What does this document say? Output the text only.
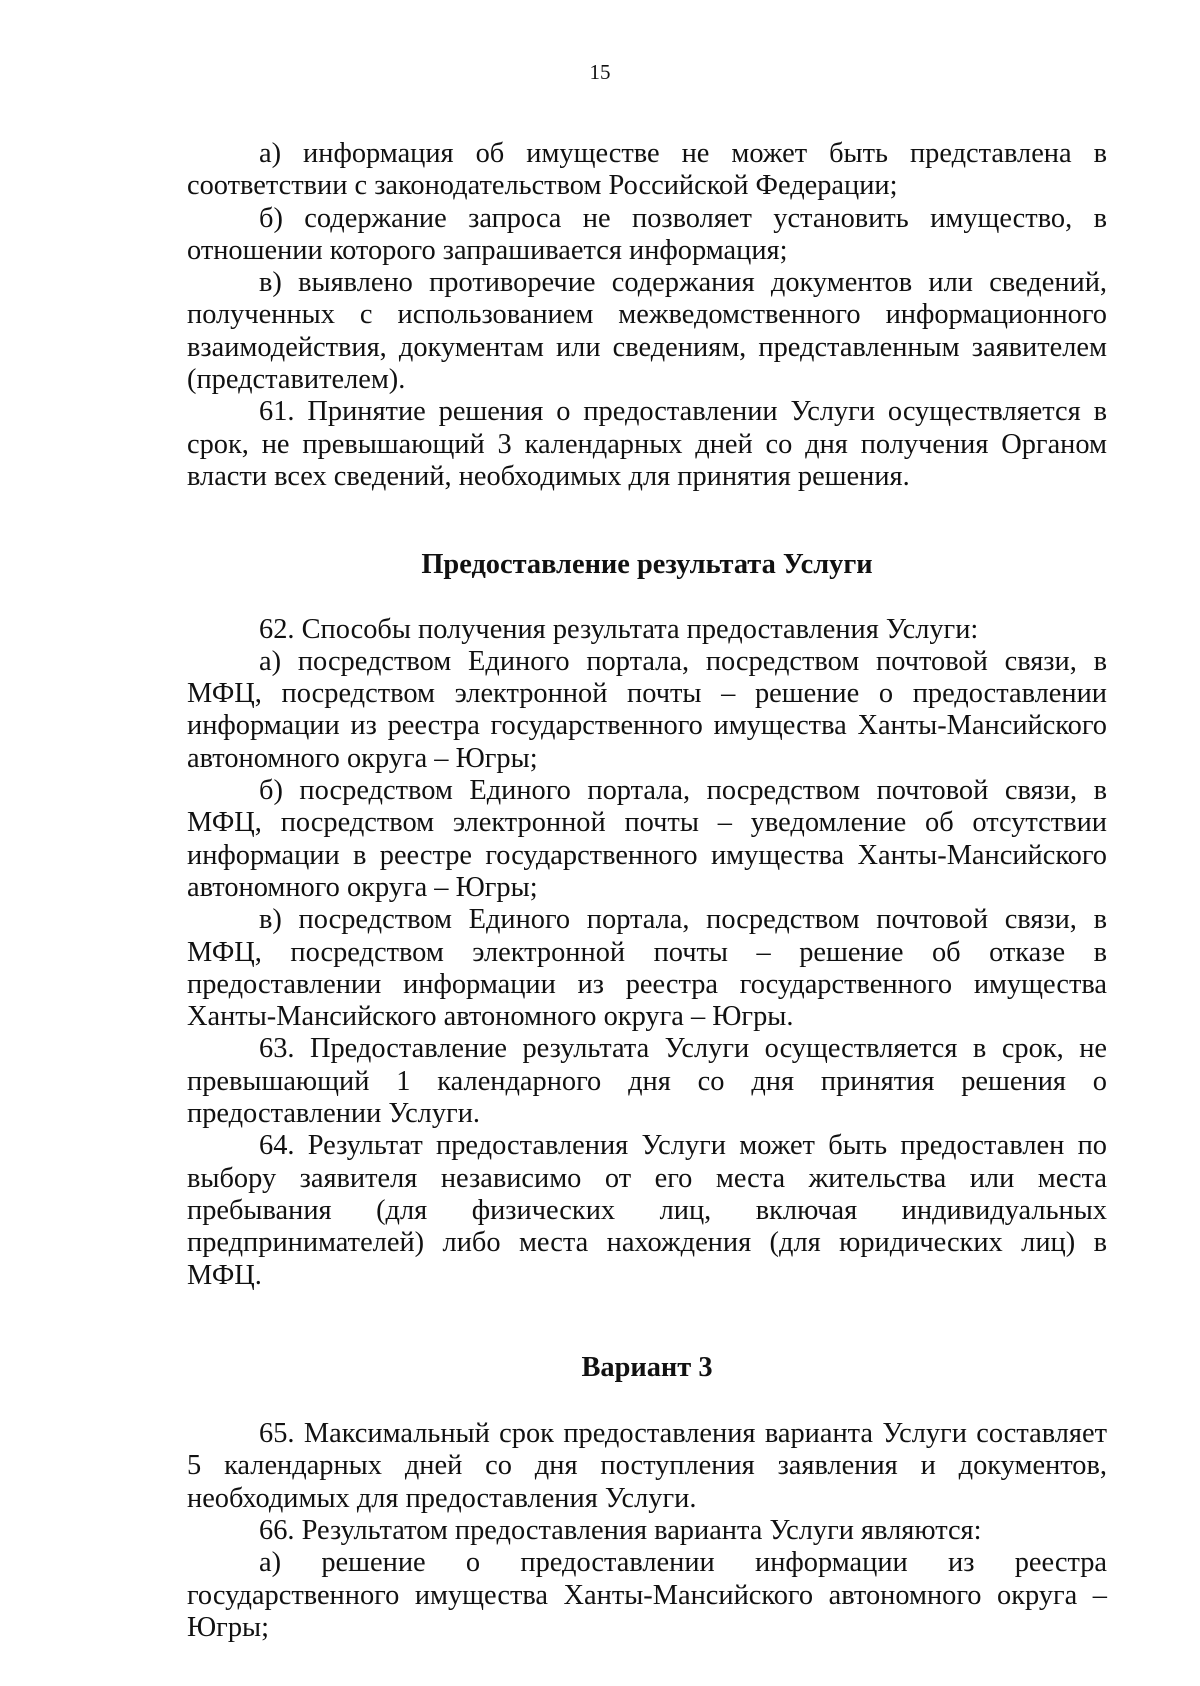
15

а) информация об имуществе не может быть представлена в соответствии с законодательством Российской Федерации;

б) содержание запроса не позволяет установить имущество, в отношении которого запрашивается информация;

в) выявлено противоречие содержания документов или сведений, полученных с использованием межведомственного информационного взаимодействия, документам или сведениям, представленным заявителем (представителем).

61. Принятие решения о предоставлении Услуги осуществляется в срок, не превышающий 3 календарных дней со дня получения Органом власти всех сведений, необходимых для принятия решения.

Предоставление результата Услуги

62. Способы получения результата предоставления Услуги:

а) посредством Единого портала, посредством почтовой связи, в МФЦ, посредством электронной почты – решение о предоставлении информации из реестра государственного имущества Ханты-Мансийского автономного округа – Югры;

б) посредством Единого портала, посредством почтовой связи, в МФЦ, посредством электронной почты – уведомление об отсутствии информации в реестре государственного имущества Ханты-Мансийского автономного округа – Югры;

в) посредством Единого портала, посредством почтовой связи, в МФЦ, посредством электронной почты – решение об отказе в предоставлении информации из реестра государственного имущества Ханты-Мансийского автономного округа – Югры.

63. Предоставление результата Услуги осуществляется в срок, не превышающий 1 календарного дня со дня принятия решения о предоставлении Услуги.

64. Результат предоставления Услуги может быть предоставлен по выбору заявителя независимо от его места жительства или места пребывания (для физических лиц, включая индивидуальных предпринимателей) либо места нахождения (для юридических лиц) в МФЦ.

Вариант 3

65. Максимальный срок предоставления варианта Услуги составляет 5 календарных дней со дня поступления заявления и документов, необходимых для предоставления Услуги.

66. Результатом предоставления варианта Услуги являются:

а) решение о предоставлении информации из реестра государственного имущества Ханты-Мансийского автономного округа – Югры;
